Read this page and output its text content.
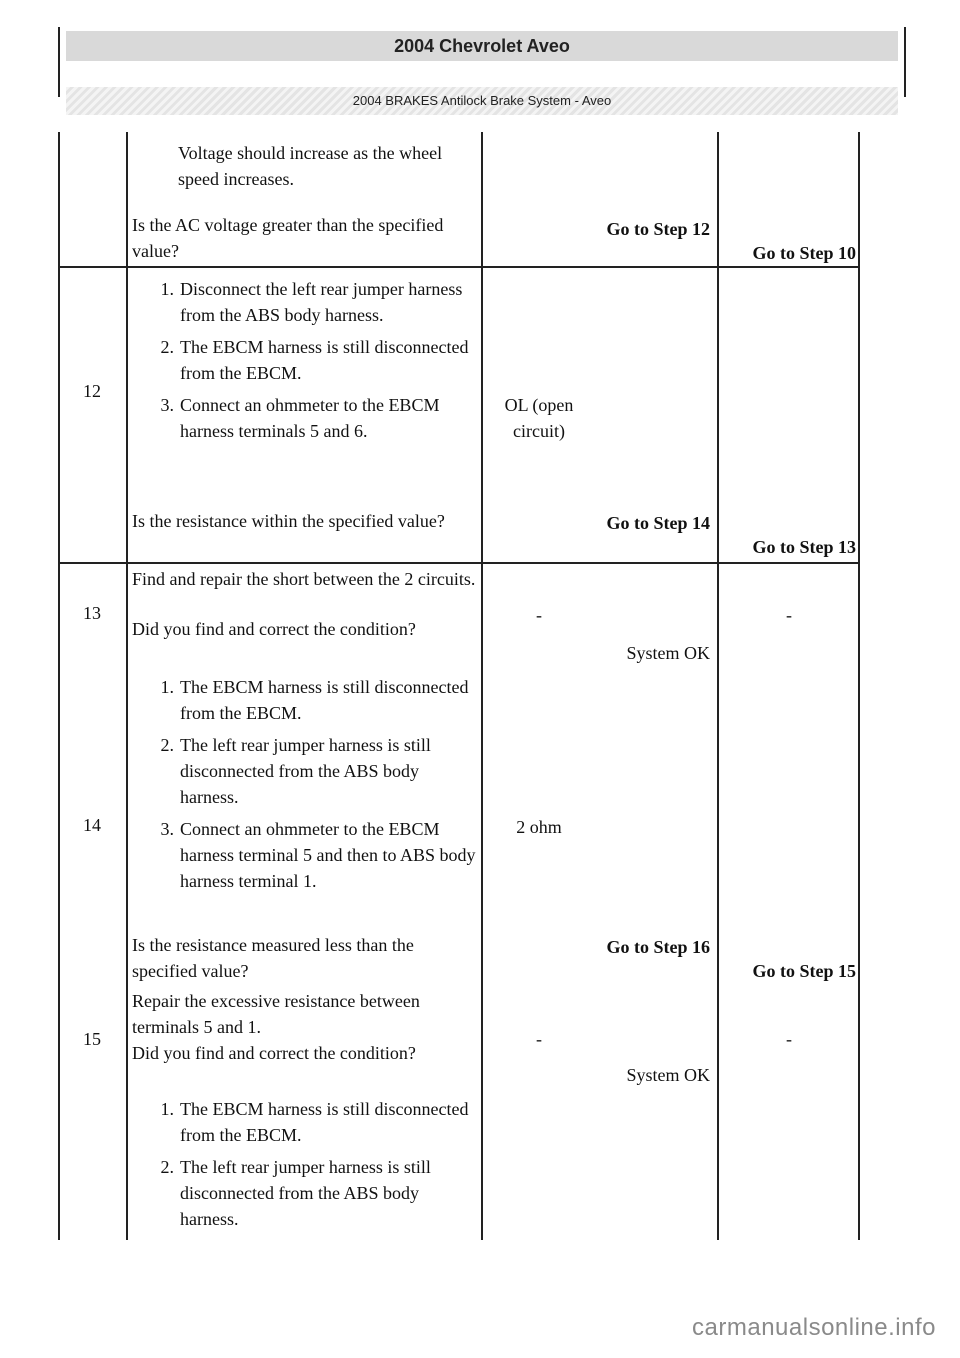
2004 Chevrolet Aveo
2004 BRAKES Antilock Brake System - Aveo
Voltage should increase as the wheel speed increases.
Is the AC voltage greater than the specified value?
Go to Step 12
Go to Step 10
12
1. Disconnect the left rear jumper harness from the ABS body harness.
2. The EBCM harness is still disconnected from the EBCM.
3. Connect an ohmmeter to the EBCM harness terminals 5 and 6.
OL (open circuit)
Is the resistance within the specified value?	Go to Step 14
Go to Step 13
13
Find and repair the short between the 2 circuits.
Did you find and correct the condition?
-
System OK
-
14
1. The EBCM harness is still disconnected from the EBCM.
2. The left rear jumper harness is still disconnected from the ABS body harness.
3. Connect an ohmmeter to the EBCM harness terminal 5 and then to ABS body harness terminal 1.
2 ohm
Is the resistance measured less than the specified value?
Go to Step 16
Go to Step 15
15
Repair the excessive resistance between terminals 5 and 1.
Did you find and correct the condition?
-
System OK
-
1. The EBCM harness is still disconnected from the EBCM.
2. The left rear jumper harness is still disconnected from the ABS body harness.
carmanualsonline.info
